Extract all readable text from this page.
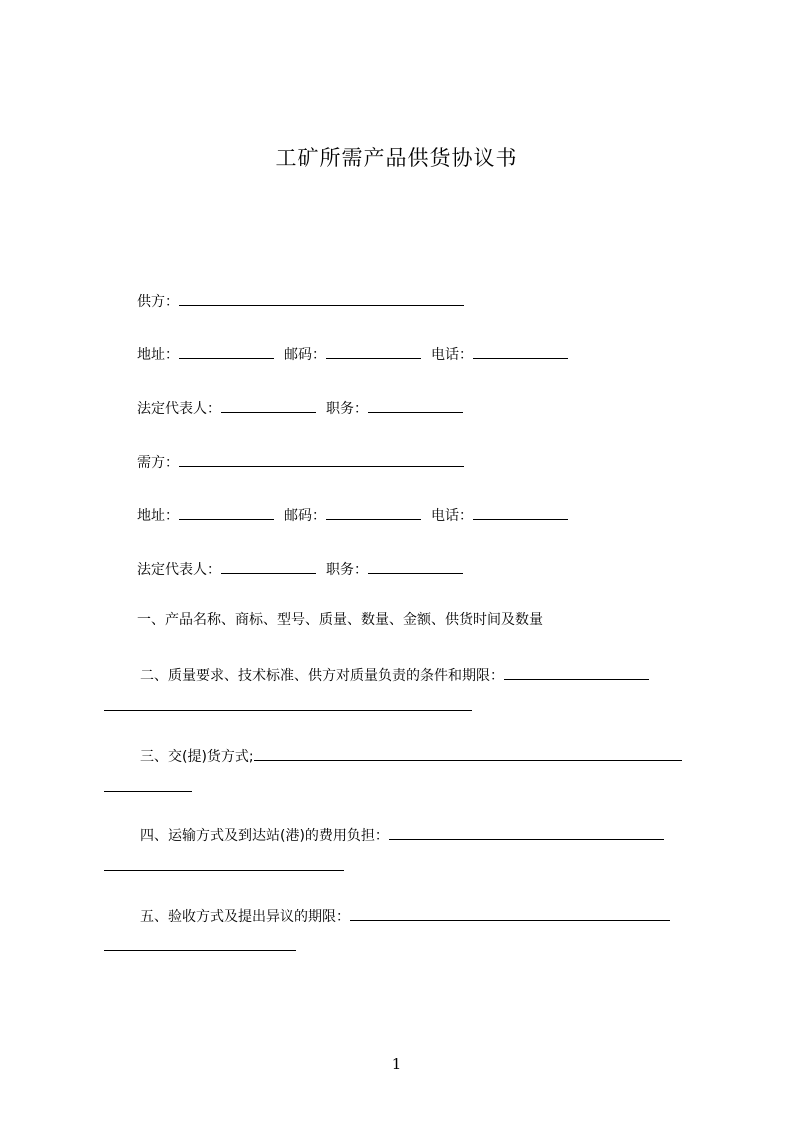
工矿所需产品供货协议书
供方：
地址：	邮码：	电话：
法定代表人：	职务：
需方：
地址：	邮码：	电话：
法定代表人：	职务：
一、产品名称、商标、型号、质量、数量、金额、供货时间及数量
二、质量要求、技术标准、供方对质量负责的条件和期限：
三、交(提)货方式;
四、运输方式及到达站(港)的费用负担：
五、验收方式及提出异议的期限：
1
